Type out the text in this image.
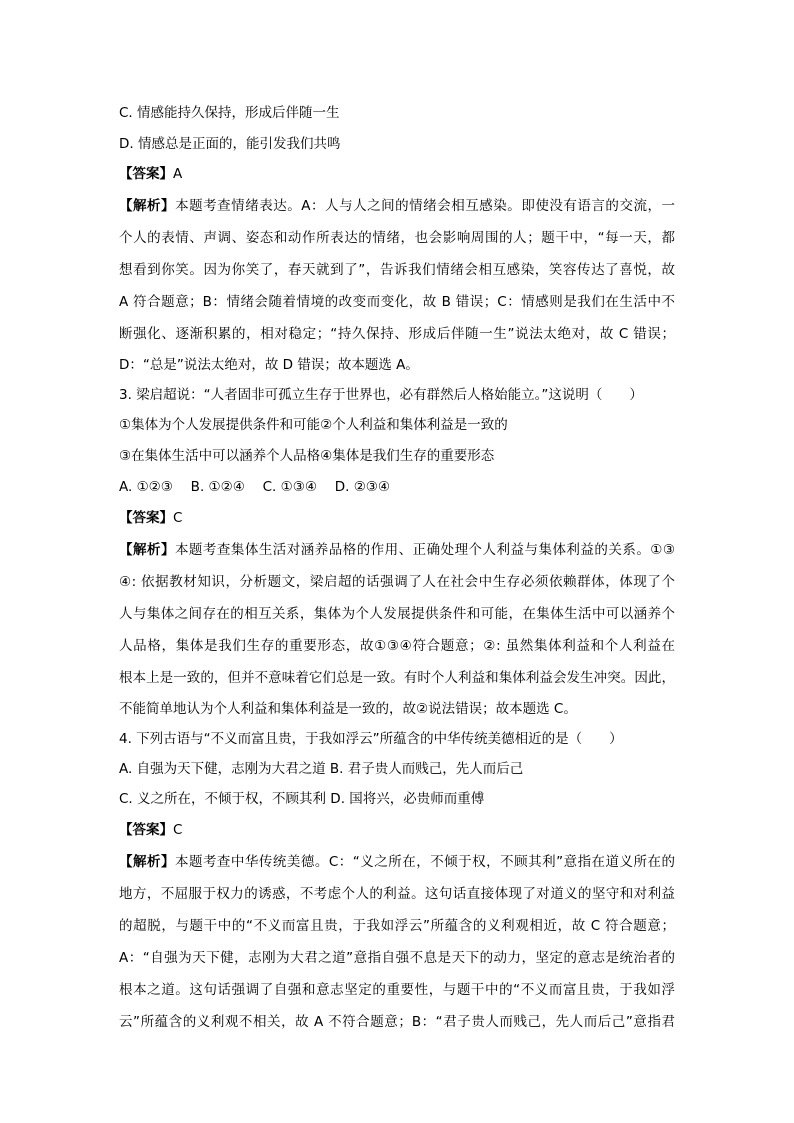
C. 情感能持久保持，形成后伴随一生
D. 情感总是正面的，能引发我们共鸣
【答案】A
【解析】本题考查情绪表达。A：人与人之间的情绪会相互感染。即使没有语言的交流，一
个人的表情、声调、姿态和动作所表达的情绪，也会影响周围的人；题干中，“每一天，都
想看到你笑。因为你笑了，春天就到了”，告诉我们情绪会相互感染，笑容传达了喜悦，故
A 符合题意；B：情绪会随着情境的改变而变化，故 B 错误；C：情感则是我们在生活中不
断强化、逐渐积累的，相对稳定；“持久保持、形成后伴随一生”说法太绝对，故 C 错误；
D：“总是”说法太绝对，故 D 错误；故本题选 A。
3. 梁启超说：“人者固非可孤立生存于世界也，必有群然后人格始能立。”这说明（　　）
①集体为个人发展提供条件和可能②个人利益和集体利益是一致的
③在集体生活中可以涵养个人品格④集体是我们生存的重要形态
A. ①②③　 B. ①②④　 C. ①③④　 D. ②③④
【答案】C
【解析】本题考查集体生活对涵养品格的作用、正确处理个人利益与集体利益的关系。①③
④: 依据教材知识，分析题文，梁启超的话强调了人在社会中生存必须依赖群体，体现了个
人与集体之间存在的相互关系，集体为个人发展提供条件和可能，在集体生活中可以涵养个
人品格，集体是我们生存的重要形态，故①③④符合题意；②: 虽然集体利益和个人利益在
根本上是一致的，但并不意味着它们总是一致。有时个人利益和集体利益会发生冲突。因此，
不能简单地认为个人利益和集体利益是一致的，故②说法错误；故本题选 C。
4. 下列古语与“不义而富且贵，于我如浮云”所蕴含的中华传统美德相近的是（　　）
A. 自强为天下健，志刚为大君之道 B. 君子贵人而贱己，先人而后己
C. 义之所在，不倾于权，不顾其利 D. 国将兴，必贵师而重傅
【答案】C
【解析】本题考查中华传统美德。C：“义之所在，不倾于权，不顾其利”意指在道义所在的
地方，不屈服于权力的诱惑，不考虑个人的利益。这句话直接体现了对道义的坚守和对利益
的超脱，与题干中的“不义而富且贵，于我如浮云”所蕴含的义利观相近，故 C 符合题意；
A：“自强为天下健，志刚为大君之道”意指自强不息是天下的动力，坚定的意志是统治者的
根本之道。这句话强调了自强和意志坚定的重要性，与题干中的“不义而富且贵，于我如浮
云”所蕴含的义利观不相关，故 A 不符合题意；B：“君子贵人而贱己，先人而后己”意指君
